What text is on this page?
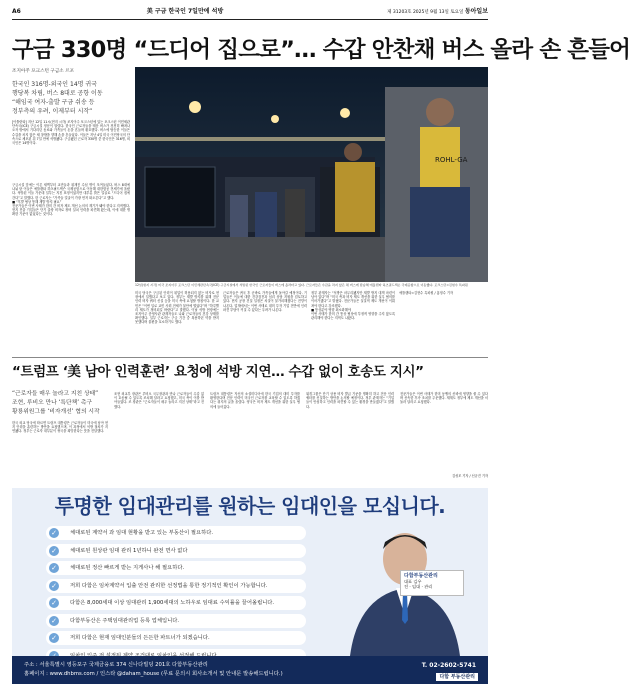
A6	美 구금 한국인 7일만에 석방	제 31203호 2025년 9월 13일 토요일 동아일보
구금 330명 “드디어 집으로”… 수갑 안찬채 버스 올라 손 흔들어
조지아주 포크스턴 구금소 르포
한국인 316명-외국인 14명 귀국
행당복 차림, 버스 8대로 공항 이동
“해임국 여자-출발 구금 쉬송 등
정부측의 우려, 이제부터 시작”
[아틀란타] 지난 12일 11시(현지 시각) 조지아주 포크스턴에 있는 포크스턴 이민세관단속국(ICE) 구금시설 정문이 열렸다. 한국인 근로자들을 태운 버스가 천천히 빠져나오자 밖에서 기다리던 동료와 가족들이 손을 흔들며 환호했다. 버스에 탑승한 이들은 수갑을 차지 않은 채 창밖을 향해 손을 흔들었다. 이들은 지난 4일 미국 이민당국의 단속으로 체포된 뒤 7일 만에 석방됐다. 구금됐던 근로자 330명 중 한국인은 316명, 외국인은 14명이다.
구금시설 앞에는 이른 새벽부터 교민들과 취재진 수십 명이 모여들었다. 버스 8대에 나눠 탄 이들은 애틀랜타 하츠필드잭슨 국제공항으로 이동해 대한항공 전세기에 올랐다. 석방된 이들 가운데 일부는 지친 표정이었지만 대부분 밝은 얼굴로 “드디어 집에 간다”고 말했다. 한 근로자는 “가족들 얼굴이 가장 먼저 떠오른다”고 했다.
■ “후발 협상 통해 재발 방지 필요”
전문가들은 이번 사태가 한미 간 비자 제도 개선 논의의 계기가 돼야 한다고 지적했다. 현지 진출 기업들은 단기 출장 비자로 장비 설치 인력을 파견해 왔는데, 이에 대한 명확한 기준이 없었다는 것이다.
ROHL-GA
12일(현지 시각) 미국 조지아주 포크스턴 이민세관단속국(ICE) 구금시설에서 석방된 한국인 근로자들이 버스에 올라타고 있다. 근로자들은 수갑을 차지 않은 채 버스에 탑승해 애틀랜타 하츠필드잭슨 국제공항으로 이동했다. 포크스턴=김현수 특파원
미국 당국은 구금된 인력이 취업이 허용되지 않는 비자로 현장에서 일했다고 보고 있다. 정부는 재발 방지를 위해 전문 인력 비자 쿼터 신설 등을 미국 측에 요청할 방침이다. 한 교민은 “이번 일로 교민 사회 전체가 불안에 떨었다”며 “하루빨리 제도가 정비되길 바란다”고 말했다. 이날 석방 현장에는 조지아주 총영사관 관계자들도 나와 근로자들의 건강 상태를 확인했다. 일부 근로자는 구금 기간 중 복용하던 약을 받지 못했다며 불편을 호소하기도 했다.
근로자들은 귀국 후 곧바로 가족들에게 돌아갈 예정이다. 기업들은 이들에 대한 건강검진과 심리 상담 지원을 검토하고 있다. 현지 공장 건설 일정은 차질이 불가피해졌다는 전망이 나온다. 업계에서는 이번 사태로 대미 투자 기업 전반에 인력 파견 부담이 커질 수 있다는 우려가 나온다.
정부 관계자는 “석방은 마무리됐지만 재발 방지 대책 마련이 남아 있다”며 “미국 측과 비자 제도 개선을 위한 실무 협의를 이어가겠다”고 밝혔다. 전문가들은 실질적 제도 개선이 이뤄져야 한다고 강조했다.
■ 통상분야 영향 최소화해야
이번 사태가 한미 간 통상 협상에 부정적 영향을 주지 않도록 관리해야 한다는 지적도 나왔다.
애틀랜타=김현수 특파원 / 홍정수 기자
“트럼프 ‘美 남아 인력훈련’ 요청에 석방 지연… 수갑 없이 호송도 지시”
“근로자들 매우 놀라고 지친 상태”
조현, 루비오 만나 ‘특단책’ 촉구
황룡위원그룹 ‘비자개선’ 협의 시작
한국 외교 당국에 따르면 트럼프 대통령은 근로자들이 미국에 남아 현지 인력을 훈련하는 방안을 요청했으며, 이 과정에서 석방 절차가 지연됐다. 정부는 근로자 대부분이 귀국을 희망한다는 뜻을 전달했다.
조현 외교부 장관은 루비오 국무장관과 만나 근로자들이 수갑 없이 호송될 수 있도록 조치해 달라고 요청했고, 미국 측이 이를 받아들였다. 조 장관은 “근로자들이 매우 놀라고 지친 상태”라고 전했다.
트럼프 대통령은 자신의 소셜미디어에 한국 기업의 대미 투자를 환영한다며 전문 인력이 미국인 근로자를 교육할 수 있도록 하겠다는 취지의 글을 올렸다. 양국은 비자 제도 개선을 위한 실무 협의에 들어갔다.
워킹그룹은 단기 상용 비자 발급 기준을 명확히 하고 전문 인력 쿼터를 신설하는 방안을 논의할 예정이다. 정부 관계자는 “기업들이 안심하고 인력을 파견할 수 있는 환경을 만들겠다”고 말했다.
전문가들은 이번 사태가 한미 동맹의 신뢰에 영향을 줄 수 있다며 신속한 후속 조치를 주문했다. 재계도 정부에 제도 개선을 서둘러 달라고 요청했다.
김성모 기자 / 신규진 기자
투명한 임대관리를 원하는 임대인을 모십니다.
✓	체대로된 계약서 과 임대 현황을 받고 있는 부동산이 필요하다.
✓	체대로된 원상관 임대 관리 1년하니 완전 면사 없다
✓	체대로된 정산 빠르게 받는 지게사나 해 필요하다.
✓	저희 다함은 임차계약서 입출 안전 관리한 선정법을 통한 정기적인 확인이 가능합니다.
✓	다함은 8,000세대 이상 임대관리 1,900세대의 노하우로 임대료 수익률을 끌어올립니다.
✓	다함부동산은 주택임대관리업 등록 업체입니다.
✓	저희 다함은 현재 임대인분들의 든든한 파트너가 되겠습니다.
다함부동산관리
대표 김우
전 · 임대 · 관리
주소 : 서울특별시 영등포구 국제금융로 374 신나다빌딩 201호 다함부동산관리	T. 02-2602-5741
홈페이지 : www.dhbms.com / 인스타 @daham_house (무료 문의시 회사소개서 및 안내문 발송해드립니다.)	다함 부동산관리
